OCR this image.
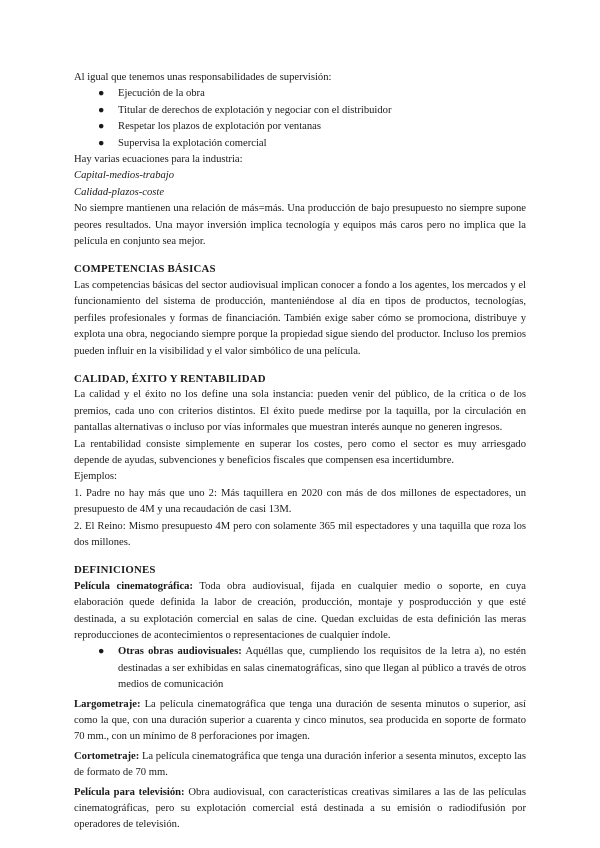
Al igual que tenemos unas responsabilidades de supervisión:

● Ejecución de la obra
● Titular de derechos de explotación y negociar con el distribuidor
● Respetar los plazos de explotación por ventanas
● Supervisa la explotación comercial

Hay varias ecuaciones para la industria:

Capital-medios-trabajo

Calidad-plazos-coste

No siempre mantienen una relación de más=más. Una producción de bajo presupuesto no siempre supone peores resultados. Una mayor inversión implica tecnología y equipos más caros pero no implica que la película en conjunto sea mejor.

COMPETENCIAS BÁSICAS

Las competencias básicas del sector audiovisual implican conocer a fondo a los agentes, los mercados y el funcionamiento del sistema de producción, manteniéndose al día en tipos de productos, tecnologías, perfiles profesionales y formas de financiación. También exige saber cómo se promociona, distribuye y explota una obra, negociando siempre porque la propiedad sigue siendo del productor. Incluso los premios pueden influir en la visibilidad y el valor simbólico de una película.

CALIDAD, ÉXITO Y RENTABILIDAD

La calidad y el éxito no los define una sola instancia: pueden venir del público, de la crítica o de los premios, cada uno con criterios distintos. El éxito puede medirse por la taquilla, por la circulación en pantallas alternativas o incluso por vías informales que muestran interés aunque no generen ingresos.

La rentabilidad consiste simplemente en superar los costes, pero como el sector es muy arriesgado depende de ayudas, subvenciones y beneficios fiscales que compensen esa incertidumbre.

Ejemplos:

1. Padre no hay más que uno 2: Más taquillera en 2020 con más de dos millones de espectadores, un presupuesto de 4M y una recaudación de casi 13M.

2. El Reino: Mismo presupuesto 4M pero con solamente 365 mil espectadores y una taquilla que roza los dos millones.

DEFINICIONES

Película cinematográfica: Toda obra audiovisual, fijada en cualquier medio o soporte, en cuya elaboración quede definida la labor de creación, producción, montaje y posproducción y que esté destinada, a su explotación comercial en salas de cine. Quedan excluidas de esta definición las meras reproducciones de acontecimientos o representaciones de cualquier índole.

● Otras obras audiovisuales: Aquéllas que, cumpliendo los requisitos de la letra a), no estén destinadas a ser exhibidas en salas cinematográficas, sino que llegan al público a través de otros medios de comunicación

Largometraje: La película cinematográfica que tenga una duración de sesenta minutos o superior, así como la que, con una duración superior a cuarenta y cinco minutos, sea producida en soporte de formato 70 mm., con un mínimo de 8 perforaciones por imagen.

Cortometraje: La película cinematográfica que tenga una duración inferior a sesenta minutos, excepto las de formato de 70 mm.

Película para televisión: Obra audiovisual, con características creativas similares a las de las películas cinematográficas, pero su explotación comercial está destinada a su emisión o radiodifusión por operadores de televisión.
